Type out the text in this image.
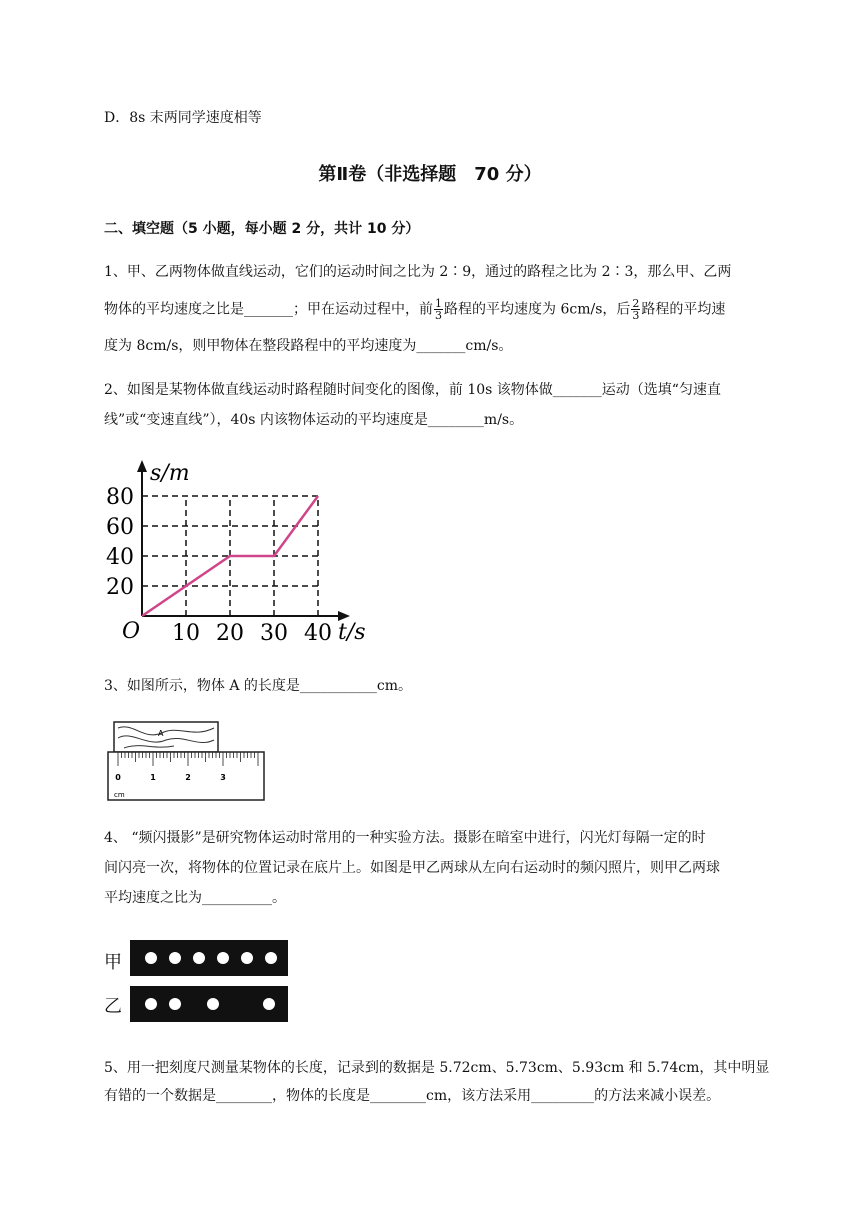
D．8s 末两同学速度相等
第Ⅱ卷（非选择题　70 分）
二、填空题（5 小题，每小题 2 分，共计 10 分）
1、甲、乙两物体做直线运动，它们的运动时间之比为 2∶9，通过的路程之比为 2∶3，那么甲、乙两
物体的平均速度之比是_______；甲在运动过程中，前 $\frac{1}{3}$ 路程的平均速度为 6cm/s，后 $\frac{2}{3}$ 路程的平均速
度为 8cm/s，则甲物体在整段路程中的平均速度为_______cm/s。
2、如图是某物体做直线运动时路程随时间变化的图像，前 10s 该物体做_______运动（选填“匀速直
线”或“变速直线”），40s 内该物体运动的平均速度是________m/s。
s/m
t/s
O
20
40
60
80
10 20 30 40
3、如图所示，物体 A 的长度是___________cm。
A
0	1	2	3
cm
4、 “频闪摄影”是研究物体运动时常用的一种实验方法。摄影在暗室中进行，闪光灯每隔一定的时
间闪亮一次，将物体的位置记录在底片上。如图是甲乙两球从左向右运动时的频闪照片，则甲乙两球
平均速度之比为__________。
甲
乙
5、用一把刻度尺测量某物体的长度，记录到的数据是 5.72cm、5.73cm、5.93cm 和 5.74cm，其中明显
有错的一个数据是________，物体的长度是________cm，该方法采用_________的方法来减小误差。
